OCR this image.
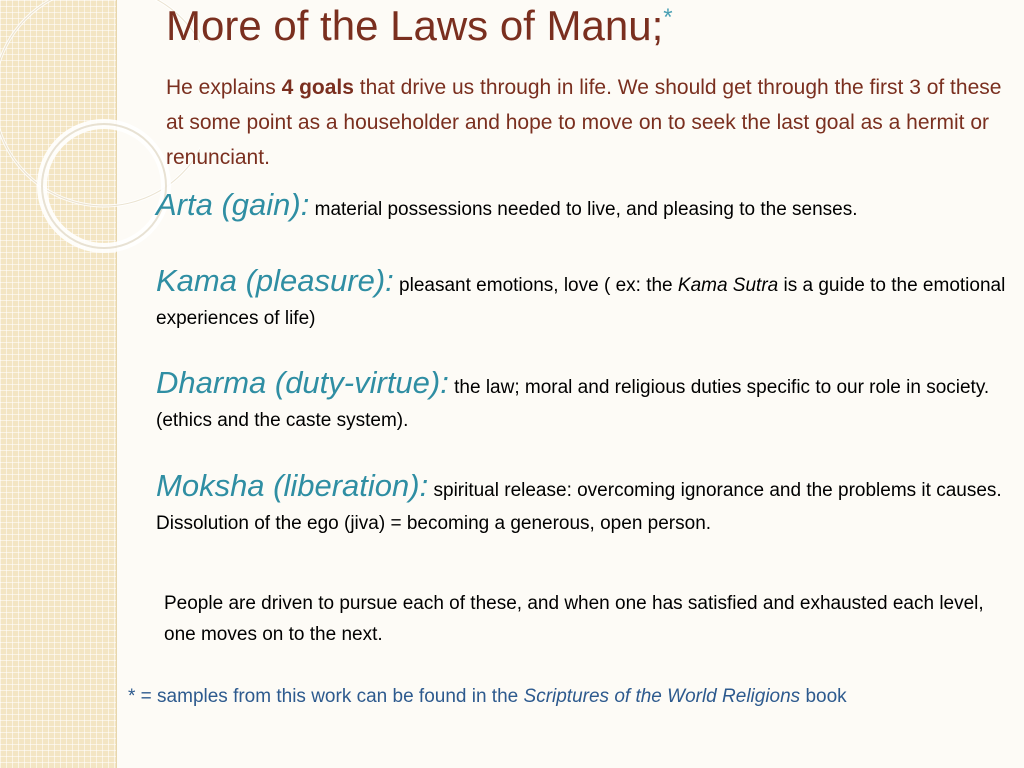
More of the Laws of Manu;*

He explains 4 goals that drive us through in life. We should get through the first 3 of these at some point as a householder and hope to move on to seek the last goal as a hermit or renunciant.

Arta (gain): material possessions needed to live, and pleasing to the senses.

Kama (pleasure): pleasant emotions, love ( ex: the Kama Sutra is a guide to the emotional experiences of life)

Dharma (duty-virtue): the law; moral and religious duties specific to our role in society. (ethics and the caste system).

Moksha (liberation): spiritual release: overcoming ignorance and the problems it causes. Dissolution of the ego (jiva) = becoming a generous, open person.

People are driven to pursue each of these, and when one has satisfied and exhausted each level, one moves on to the next.

* = samples from this work can be found in the Scriptures of the World Religions book
